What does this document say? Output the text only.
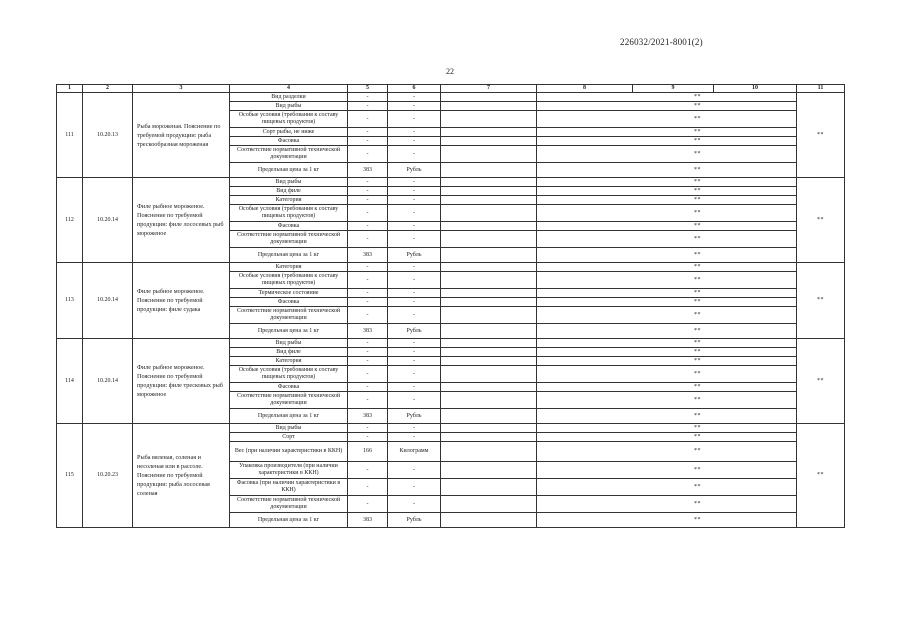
226032/2021-8001(2)
22
1	2	3	4	5	6	7	8	9	10	11
111	10.20.13	Рыба мороженая. Пояснение по требуемой продукции: рыба трескообразная мороженая	Вид разделки	-	-		**			**
			Вид рыбы	-	-		**			
			Особые условия (требования к составу пищевых продуктов)	-	-		**			
			Сорт рыбы, не ниже	-	-		**			
			Фасовка	-	-		**			
			Соответствие нормативной технической документации	-	-		**			
			Предельная цена за 1 кг	383	Рубль		**			
112	10.20.14	Филе рыбное мороженое. Пояснение по требуемой продукции: филе лососевых рыб мороженое	Вид рыбы	-	-		**			**
			Вид филе	-	-		**			
			Категория	-	-		**			
			Особые условия (требования к составу пищевых продуктов)	-	-		**			
			Фасовка	-	-		**			
			Соответствие нормативной технической документации	-	-		**			
			Предельная цена за 1 кг	383	Рубль		**			
113	10.20.14	Филе рыбное мороженое. Пояснение по требуемой продукции: филе судака	Категория	-	-		**			**
			Особые условия (требования к составу пищевых продуктов)	-	-		**			
			Термическое состояние	-	-		**			
			Фасовка	-	-		**			
			Соответствие нормативной технической документации	-	-		**			
			Предельная цена за 1 кг	383	Рубль		**			
114	10.20.14	Филе рыбное мороженое. Пояснение по требуемой продукции: филе тресковых рыб мороженое	Вид рыбы	-	-		**			**
			Вид филе	-	-		**			
			Категория	-	-		**			
			Особые условия (требования к составу пищевых продуктов)	-	-		**			
			Фасовка	-	-		**			
			Соответствие нормативной технической документации	-	-		**			
			Предельная цена за 1 кг	383	Рубль		**			
115	10.20.23	Рыба вяленая, соленая и несоленая или в рассоле. Пояснение по требуемой продукции: рыба лососевая соленая	Вид рыбы	-	-		**			**
			Сорт	-	-		**			
			Вес (при наличии характеристики в ККН)	166	Килограмм		**			
			Упаковка производителя (при наличии характеристики в ККН)	-	-		**			
			Фасовка (при наличии характеристики в ККН)	-	-		**			
			Соответствие нормативной технической документации	-	-		**			
			Предельная цена за 1 кг	383	Рубль		**			
